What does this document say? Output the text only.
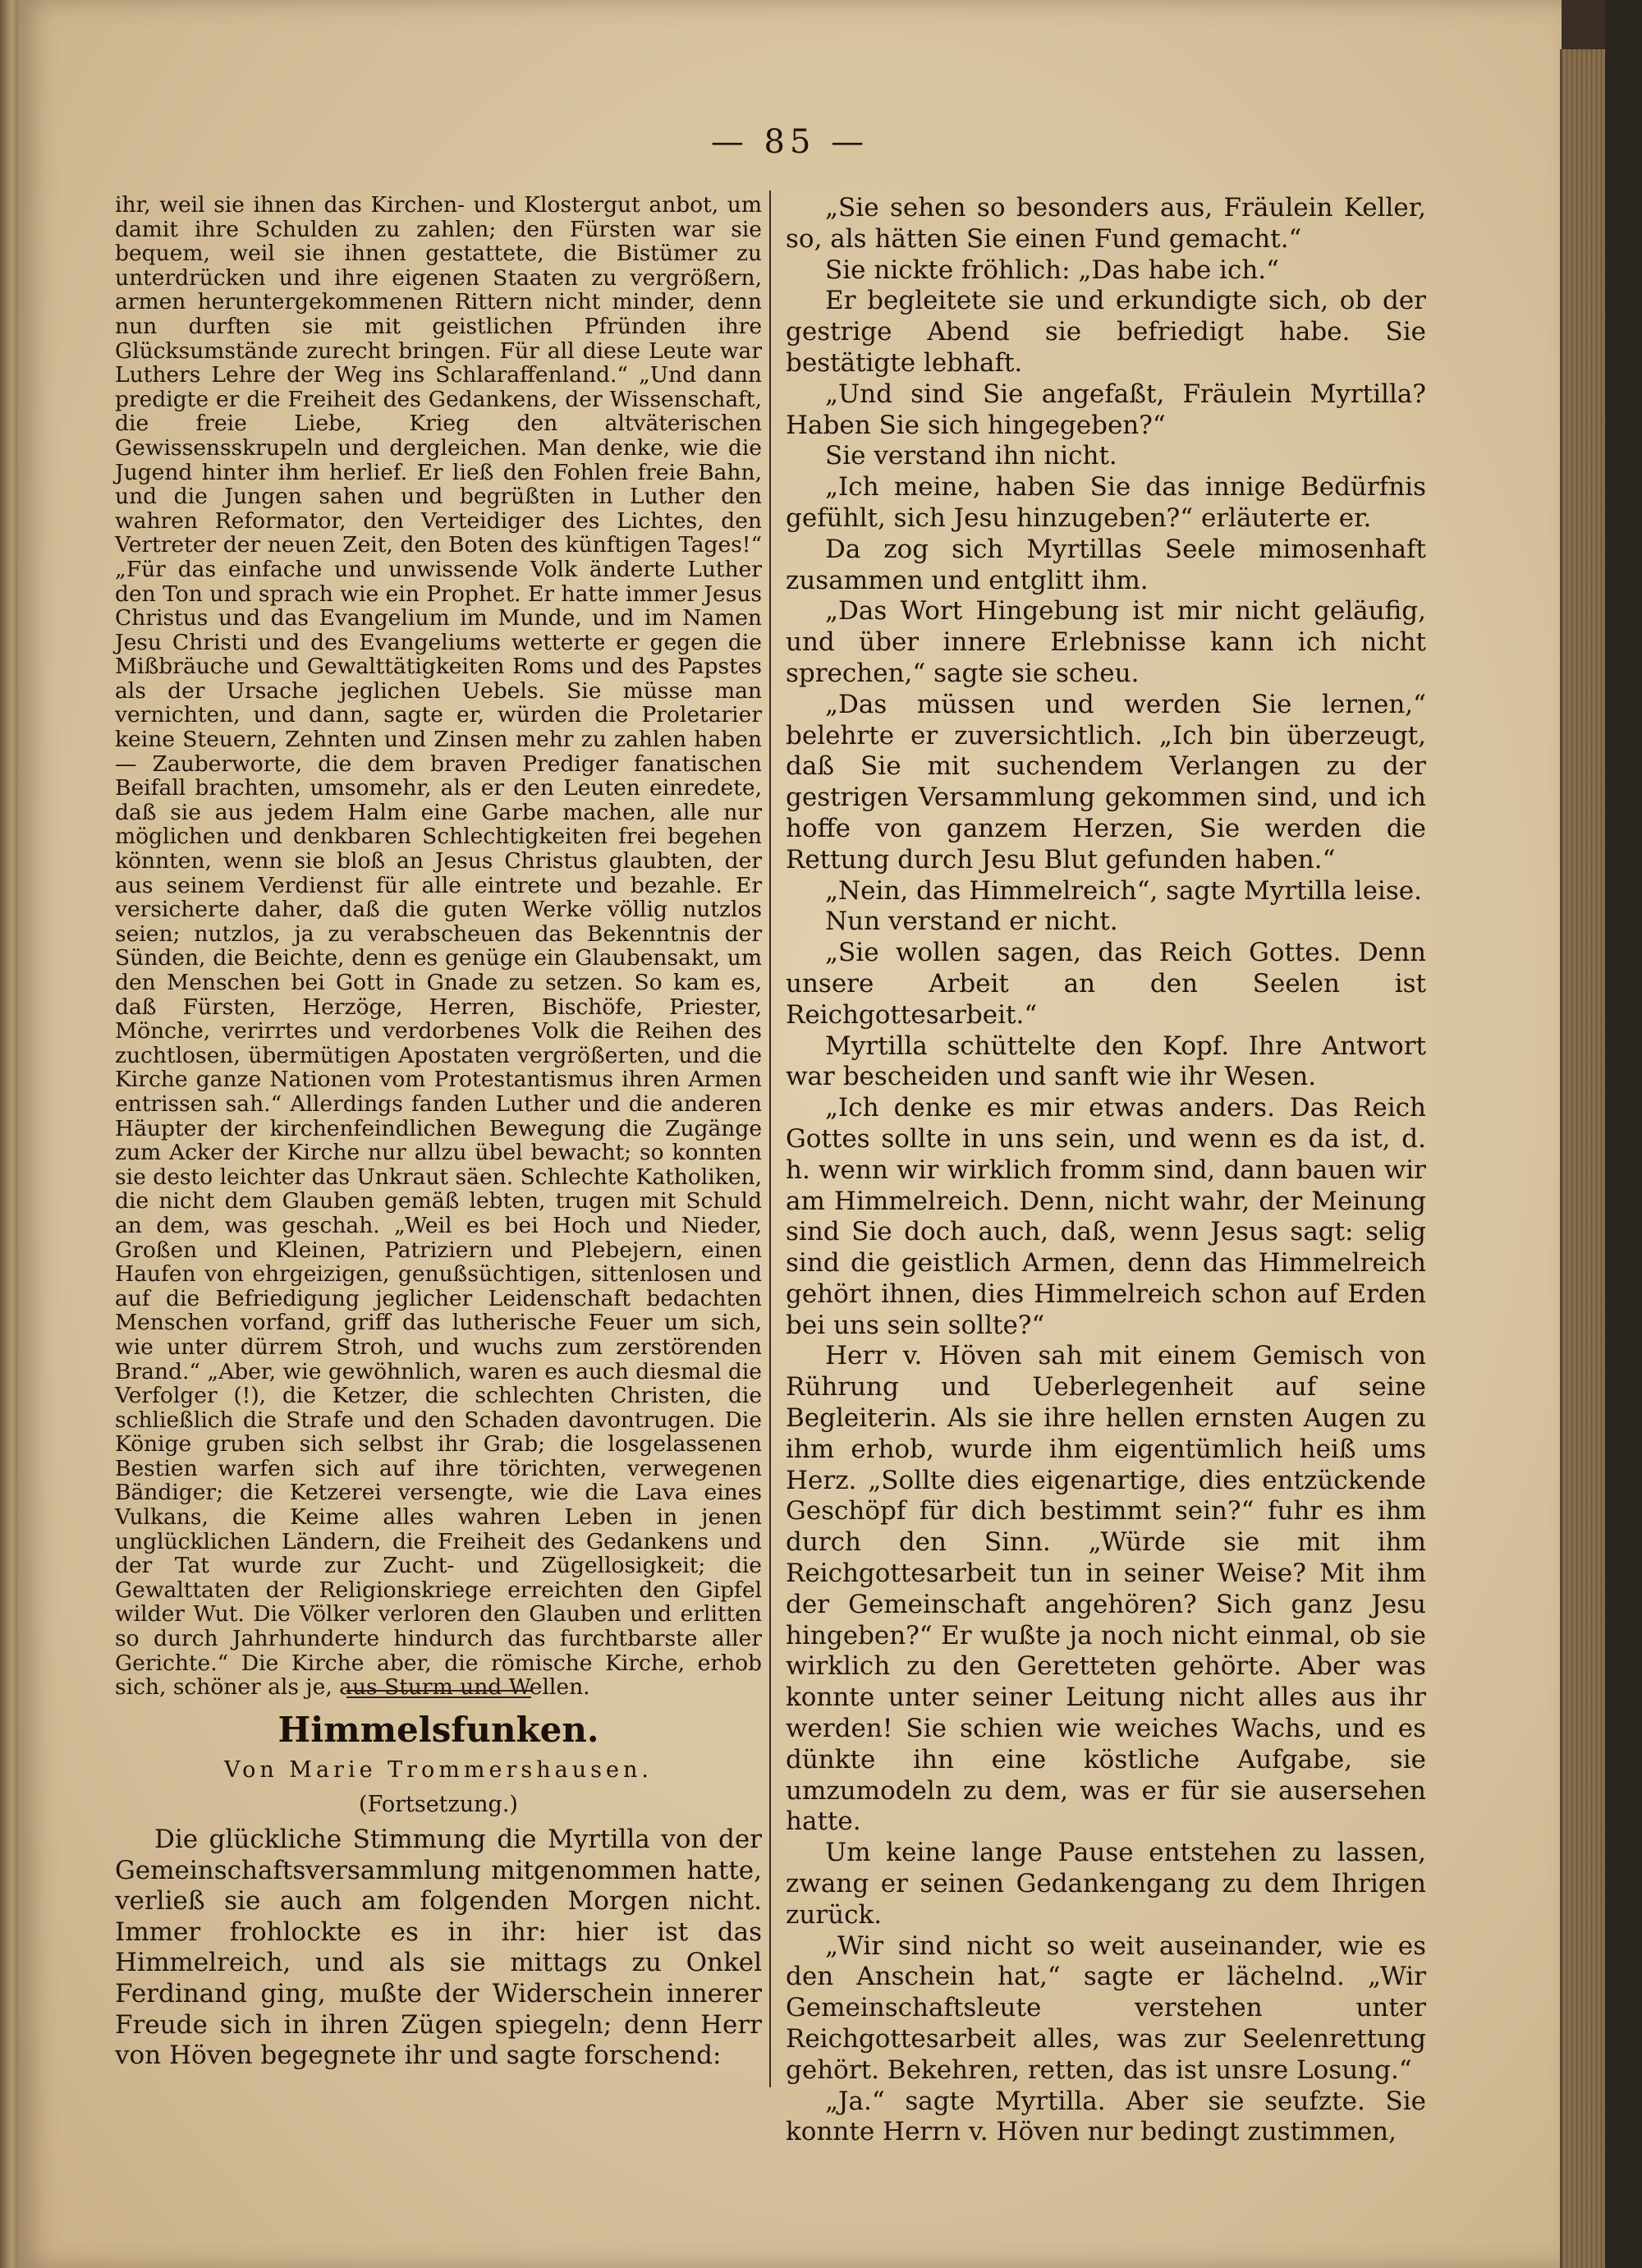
— 85 —

ihr, weil sie ihnen das Kirchen- und Klostergut anbot, um damit ihre Schulden zu zahlen; den Fürsten war sie bequem, weil sie ihnen gestattete, die Bistümer zu unterdrücken und ihre eigenen Staaten zu vergrößern, armen heruntergekommenen Rittern nicht minder, denn nun durften sie mit geistlichen Pfründen ihre Glücksumstände zurecht bringen. Für all diese Leute war Luthers Lehre der Weg ins Schlaraffenland.“ „Und dann predigte er die Freiheit des Gedankens, der Wissenschaft, die freie Liebe, Krieg den altväterischen Gewissensskrupeln und dergleichen. Man denke, wie die Jugend hinter ihm herlief. Er ließ den Fohlen freie Bahn, und die Jungen sahen und begrüßten in Luther den wahren Reformator, den Verteidiger des Lichtes, den Vertreter der neuen Zeit, den Boten des künftigen Tages!“ „Für das einfache und unwissende Volk änderte Luther den Ton und sprach wie ein Prophet. Er hatte immer Jesus Christus und das Evangelium im Munde, und im Namen Jesu Christi und des Evangeliums wetterte er gegen die Mißbräuche und Gewalttätigkeiten Roms und des Papstes als der Ursache jeglichen Uebels. Sie müsse man vernichten, und dann, sagte er, würden die Proletarier keine Steuern, Zehnten und Zinsen mehr zu zahlen haben — Zauberworte, die dem braven Prediger fanatischen Beifall brachten, umsomehr, als er den Leuten einredete, daß sie aus jedem Halm eine Garbe machen, alle nur möglichen und denkbaren Schlechtigkeiten frei begehen könnten, wenn sie bloß an Jesus Christus glaubten, der aus seinem Verdienst für alle eintrete und bezahle. Er versicherte daher, daß die guten Werke völlig nutzlos seien; nutzlos, ja zu verabscheuen das Bekenntnis der Sünden, die Beichte, denn es genüge ein Glaubensakt, um den Menschen bei Gott in Gnade zu setzen. So kam es, daß Fürsten, Herzöge, Herren, Bischöfe, Priester, Mönche, verirrtes und verdorbenes Volk die Reihen des zuchtlosen, übermütigen Apostaten vergrößerten, und die Kirche ganze Nationen vom Protestantismus ihren Armen entrissen sah.“ Allerdings fanden Luther und die anderen Häupter der kirchenfeindlichen Bewegung die Zugänge zum Acker der Kirche nur allzu übel bewacht; so konnten sie desto leichter das Unkraut säen. Schlechte Katholiken, die nicht dem Glauben gemäß lebten, trugen mit Schuld an dem, was geschah. „Weil es bei Hoch und Nieder, Großen und Kleinen, Patriziern und Plebejern, einen Haufen von ehrgeizigen, genußsüchtigen, sittenlosen und auf die Befriedigung jeglicher Leidenschaft bedachten Menschen vorfand, griff das lutherische Feuer um sich, wie unter dürrem Stroh, und wuchs zum zerstörenden Brand.“ „Aber, wie gewöhnlich, waren es auch diesmal die Verfolger (!), die Ketzer, die schlechten Christen, die schließlich die Strafe und den Schaden davontrugen. Die Könige gruben sich selbst ihr Grab; die losgelassenen Bestien warfen sich auf ihre törichten, verwegenen Bändiger; die Ketzerei versengte, wie die Lava eines Vulkans, die Keime alles wahren Leben in jenen unglücklichen Ländern, die Freiheit des Gedankens und der Tat wurde zur Zucht- und Zügellosigkeit; die Gewalttaten der Religionskriege erreichten den Gipfel wilder Wut. Die Völker verloren den Glauben und erlitten so durch Jahrhunderte hindurch das furchtbarste aller Gerichte.“ Die Kirche aber, die römische Kirche, erhob sich, schöner als je, aus Sturm und Wellen.

Himmelsfunken.
Von Marie Trommershausen.
(Fortsetzung.)

Die glückliche Stimmung die Myrtilla von der Gemeinschaftsversammlung mitgenommen hatte, verließ sie auch am folgenden Morgen nicht. Immer frohlockte es in ihr: hier ist das Himmelreich, und als sie mittags zu Onkel Ferdinand ging, mußte der Widerschein innerer Freude sich in ihren Zügen spiegeln; denn Herr von Höven begegnete ihr und sagte forschend:

„Sie sehen so besonders aus, Fräulein Keller, so, als hätten Sie einen Fund gemacht.“

Sie nickte fröhlich: „Das habe ich.“

Er begleitete sie und erkundigte sich, ob der gestrige Abend sie befriedigt habe. Sie bestätigte lebhaft.

„Und sind Sie angefaßt, Fräulein Myrtilla? Haben Sie sich hingegeben?“

Sie verstand ihn nicht.

„Ich meine, haben Sie das innige Bedürfnis gefühlt, sich Jesu hinzugeben?“ erläuterte er.

Da zog sich Myrtillas Seele mimosenhaft zusammen und entglitt ihm.

„Das Wort Hingebung ist mir nicht geläufig, und über innere Erlebnisse kann ich nicht sprechen,“ sagte sie scheu.

„Das müssen und werden Sie lernen,“ belehrte er zuversichtlich. „Ich bin überzeugt, daß Sie mit suchendem Verlangen zu der gestrigen Versammlung gekommen sind, und ich hoffe von ganzem Herzen, Sie werden die Rettung durch Jesu Blut gefunden haben.“

„Nein, das Himmelreich“, sagte Myrtilla leise.

Nun verstand er nicht.

„Sie wollen sagen, das Reich Gottes. Denn unsere Arbeit an den Seelen ist Reichgottesarbeit.“

Myrtilla schüttelte den Kopf. Ihre Antwort war bescheiden und sanft wie ihr Wesen.

„Ich denke es mir etwas anders. Das Reich Gottes sollte in uns sein, und wenn es da ist, d. h. wenn wir wirklich fromm sind, dann bauen wir am Himmelreich. Denn, nicht wahr, der Meinung sind Sie doch auch, daß, wenn Jesus sagt: selig sind die geistlich Armen, denn das Himmelreich gehört ihnen, dies Himmelreich schon auf Erden bei uns sein sollte?“

Herr v. Höven sah mit einem Gemisch von Rührung und Ueberlegenheit auf seine Begleiterin. Als sie ihre hellen ernsten Augen zu ihm erhob, wurde ihm eigentümlich heiß ums Herz. „Sollte dies eigenartige, dies entzückende Geschöpf für dich bestimmt sein?“ fuhr es ihm durch den Sinn. „Würde sie mit ihm Reichgottesarbeit tun in seiner Weise? Mit ihm der Gemeinschaft angehören? Sich ganz Jesu hingeben?“ Er wußte ja noch nicht einmal, ob sie wirklich zu den Geretteten gehörte. Aber was konnte unter seiner Leitung nicht alles aus ihr werden! Sie schien wie weiches Wachs, und es dünkte ihn eine köstliche Aufgabe, sie umzumodeln zu dem, was er für sie ausersehen hatte.

Um keine lange Pause entstehen zu lassen, zwang er seinen Gedankengang zu dem Ihrigen zurück.

„Wir sind nicht so weit auseinander, wie es den Anschein hat,“ sagte er lächelnd. „Wir Gemeinschaftsleute verstehen unter Reichgottesarbeit alles, was zur Seelenrettung gehört. Bekehren, retten, das ist unsre Losung.“

„Ja.“ sagte Myrtilla. Aber sie seufzte. Sie konnte Herrn v. Höven nur bedingt zustimmen,
